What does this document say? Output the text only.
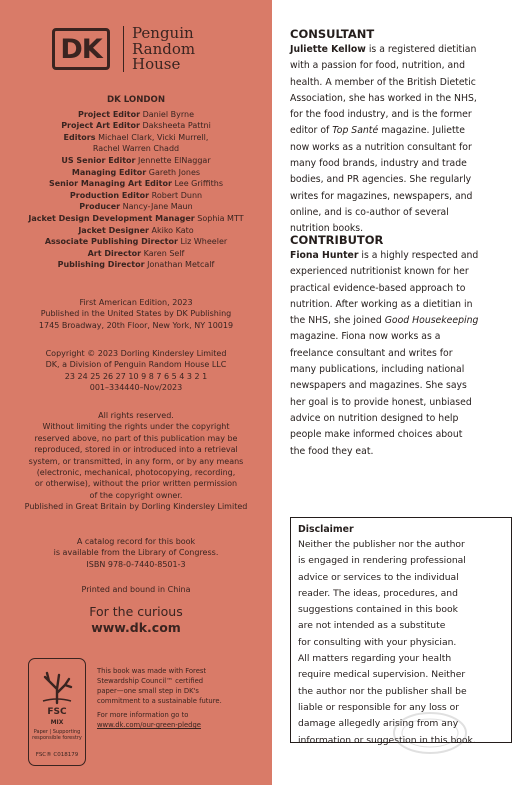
DK
Penguin
Random
House
DK LONDON
Project Editor Daniel Byrne
Project Art Editor Daksheeta Pattni
Editors Michael Clark, Vicki Murrell,
Rachel Warren Chadd
US Senior Editor Jennette ElNaggar
Managing Editor Gareth Jones
Senior Managing Art Editor Lee Griffiths
Production Editor Robert Dunn
Producer Nancy-Jane Maun
Jacket Design Development Manager Sophia MTT
Jacket Designer Akiko Kato
Associate Publishing Director Liz Wheeler
Art Director Karen Self
Publishing Director Jonathan Metcalf
First American Edition, 2023
Published in the United States by DK Publishing
1745 Broadway, 20th Floor, New York, NY 10019
Copyright © 2023 Dorling Kindersley Limited
DK, a Division of Penguin Random House LLC
23 24 25 26 27 10 9 8 7 6 5 4 3 2 1
001–334440–Nov/2023
All rights reserved.
Without limiting the rights under the copyright
reserved above, no part of this publication may be
reproduced, stored in or introduced into a retrieval
system, or transmitted, in any form, or by any means
(electronic, mechanical, photocopying, recording,
or otherwise), without the prior written permission
of the copyright owner.
Published in Great Britain by Dorling Kindersley Limited
A catalog record for this book
is available from the Library of Congress.
ISBN 978-0-7440-8501-3
Printed and bound in China
For the curious
www.dk.com
FSC
MIX
Paper | Supporting
responsible forestry
FSC® C018179
This book was made with Forest
Stewardship Council™ certified
paper—one small step in DK's
commitment to a sustainable future.
For more information go to
www.dk.com/our-green-pledge
CONSULTANT
Juliette Kellow is a registered dietitian
with a passion for food, nutrition, and
health. A member of the British Dietetic
Association, she has worked in the NHS,
for the food industry, and is the former
editor of Top Santé magazine. Juliette
now works as a nutrition consultant for
many food brands, industry and trade
bodies, and PR agencies. She regularly
writes for magazines, newspapers, and
online, and is co-author of several
nutrition books.
CONTRIBUTOR
Fiona Hunter is a highly respected and
experienced nutritionist known for her
practical evidence-based approach to
nutrition. After working as a dietitian in
the NHS, she joined Good Housekeeping
magazine. Fiona now works as a
freelance consultant and writes for
many publications, including national
newspapers and magazines. She says
her goal is to provide honest, unbiased
advice on nutrition designed to help
people make informed choices about
the food they eat.
Disclaimer
Neither the publisher nor the author
is engaged in rendering professional
advice or services to the individual
reader. The ideas, procedures, and
suggestions contained in this book
are not intended as a substitute
for consulting with your physician.
All matters regarding your health
require medical supervision. Neither
the author nor the publisher shall be
liable or responsible for any loss or
damage allegedly arising from any
information or suggestion in this book.
